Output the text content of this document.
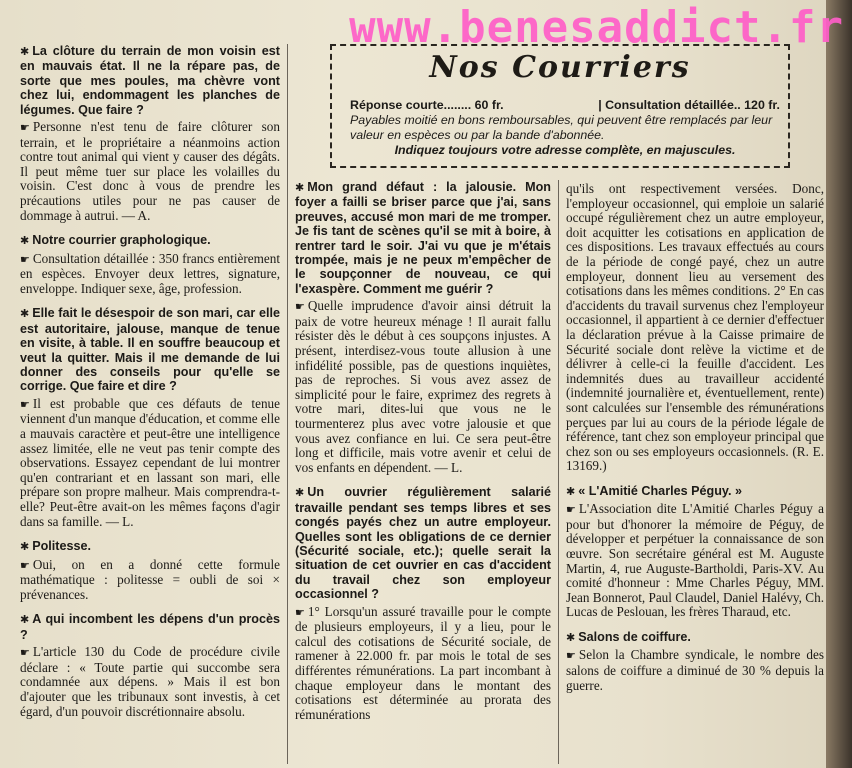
✱ La clôture du terrain de mon voisin est en mauvais état. Il ne la répare pas, de sorte que mes poules, ma chèvre vont chez lui, endommagent les planches de légumes. Que faire ?

☛ Personne n'est tenu de faire clôturer son terrain, et le propriétaire a néanmoins action contre tout animal qui vient y causer des dégâts. Il peut même tuer sur place les volailles du voisin. C'est donc à vous de prendre les précautions utiles pour ne pas causer de dommage à autrui. — A.

✱ Notre courrier graphologique.

☛ Consultation détaillée : 350 francs entièrement en espèces. Envoyer deux lettres, signature, enveloppe. Indiquer sexe, âge, profession.

✱ Elle fait le désespoir de son mari, car elle est autoritaire, jalouse, manque de tenue en visite, à table. Il en souffre beaucoup et veut la quitter. Mais il me demande de lui donner des conseils pour qu'elle se corrige. Que faire et dire ?

☛ Il est probable que ces défauts de tenue viennent d'un manque d'éducation, et comme elle a mauvais caractère et peut-être une intelligence assez limitée, elle ne veut pas tenir compte des observations. Essayez cependant de lui montrer qu'en contrariant et en lassant son mari, elle prépare son propre malheur. Mais comprendra-t-elle? Peut-être avait-on les mêmes façons d'agir dans sa famille. — L.

✱ Politesse.

☛ Oui, on en a donné cette formule mathématique : politesse = oubli de soi × prévenances.

✱ A qui incombent les dépens d'un procès ?

☛ L'article 130 du Code de procédure civile déclare : « Toute partie qui succombe sera condamnée aux dépens. » Mais il est bon d'ajouter que les tribunaux sont investis, à cet égard, d'un pouvoir discrétionnaire absolu.

Nos Courriers
Réponse courte........ 60 fr.	| Consultation détaillée.. 120 fr.
Payables moitié en bons remboursables, qui peuvent être remplacés par leur valeur en espèces ou par la bande d'abonnée.
Indiquez toujours votre adresse complète, en majuscules.

✱ Mon grand défaut : la jalousie. Mon foyer a failli se briser parce que j'ai, sans preuves, accusé mon mari de me tromper. Je fis tant de scènes qu'il se mit à boire, à rentrer tard le soir. J'ai vu que je m'étais trompée, mais je ne peux m'empêcher de le soupçonner de nouveau, ce qui l'exaspère. Comment me guérir ?

☛ Quelle imprudence d'avoir ainsi détruit la paix de votre heureux ménage ! Il aurait fallu résister dès le début à ces soupçons injustes. A présent, interdisez-vous toute allusion à une infidélité possible, pas de questions inquiètes, pas de reproches. Si vous avez assez de simplicité pour le faire, exprimez des regrets à votre mari, dites-lui que vous ne le tourmenterez plus avec votre jalousie et que vous avez confiance en lui. Ce sera peut-être long et difficile, mais votre avenir et celui de vos enfants en dépendent. — L.

✱ Un ouvrier régulièrement salarié travaille pendant ses temps libres et ses congés payés chez un autre employeur. Quelles sont les obligations de ce dernier (Sécurité sociale, etc.); quelle serait la situation de cet ouvrier en cas d'accident du travail chez son employeur occasionnel ?

☛ 1° Lorsqu'un assuré travaille pour le compte de plusieurs employeurs, il y a lieu, pour le calcul des cotisations de Sécurité sociale, de ramener à 22.000 fr. par mois le total de ses différentes rémunérations. La part incombant à chaque employeur dans le montant des cotisations est déterminée au prorata des rémunérations

qu'ils ont respectivement versées. Donc, l'employeur occasionnel, qui emploie un salarié occupé régulièrement chez un autre employeur, doit acquitter les cotisations en application de ces dispositions. Les travaux effectués au cours de la période de congé payé, chez un autre employeur, donnent lieu au versement des cotisations dans les mêmes conditions. 2° En cas d'accidents du travail survenus chez l'employeur occasionnel, il appartient à ce dernier d'effectuer la déclaration prévue à la Caisse primaire de Sécurité sociale dont relève la victime et de délivrer à celle-ci la feuille d'accident. Les indemnités dues au travailleur accidenté (indemnité journalière et, éventuellement, rente) sont calculées sur l'ensemble des rémunérations perçues par lui au cours de la période légale de référence, tant chez son employeur principal que chez son ou ses employeurs occasionnels. (R. E. 13169.)

✱ « L'Amitié Charles Péguy. »

☛ L'Association dite L'Amitié Charles Péguy a pour but d'honorer la mémoire de Péguy, de développer et perpétuer la connaissance de son œuvre. Son secrétaire général est M. Auguste Martin, 4, rue Auguste-Bartholdi, Paris-XV. Au comité d'honneur : Mme Charles Péguy, MM. Jean Bonnerot, Paul Claudel, Daniel Halévy, Ch. Lucas de Peslouan, les frères Tharaud, etc.

✱ Salons de coiffure.

☛ Selon la Chambre syndicale, le nombre des salons de coiffure a diminué de 30 % depuis la guerre.

www.benesaddict.fr
